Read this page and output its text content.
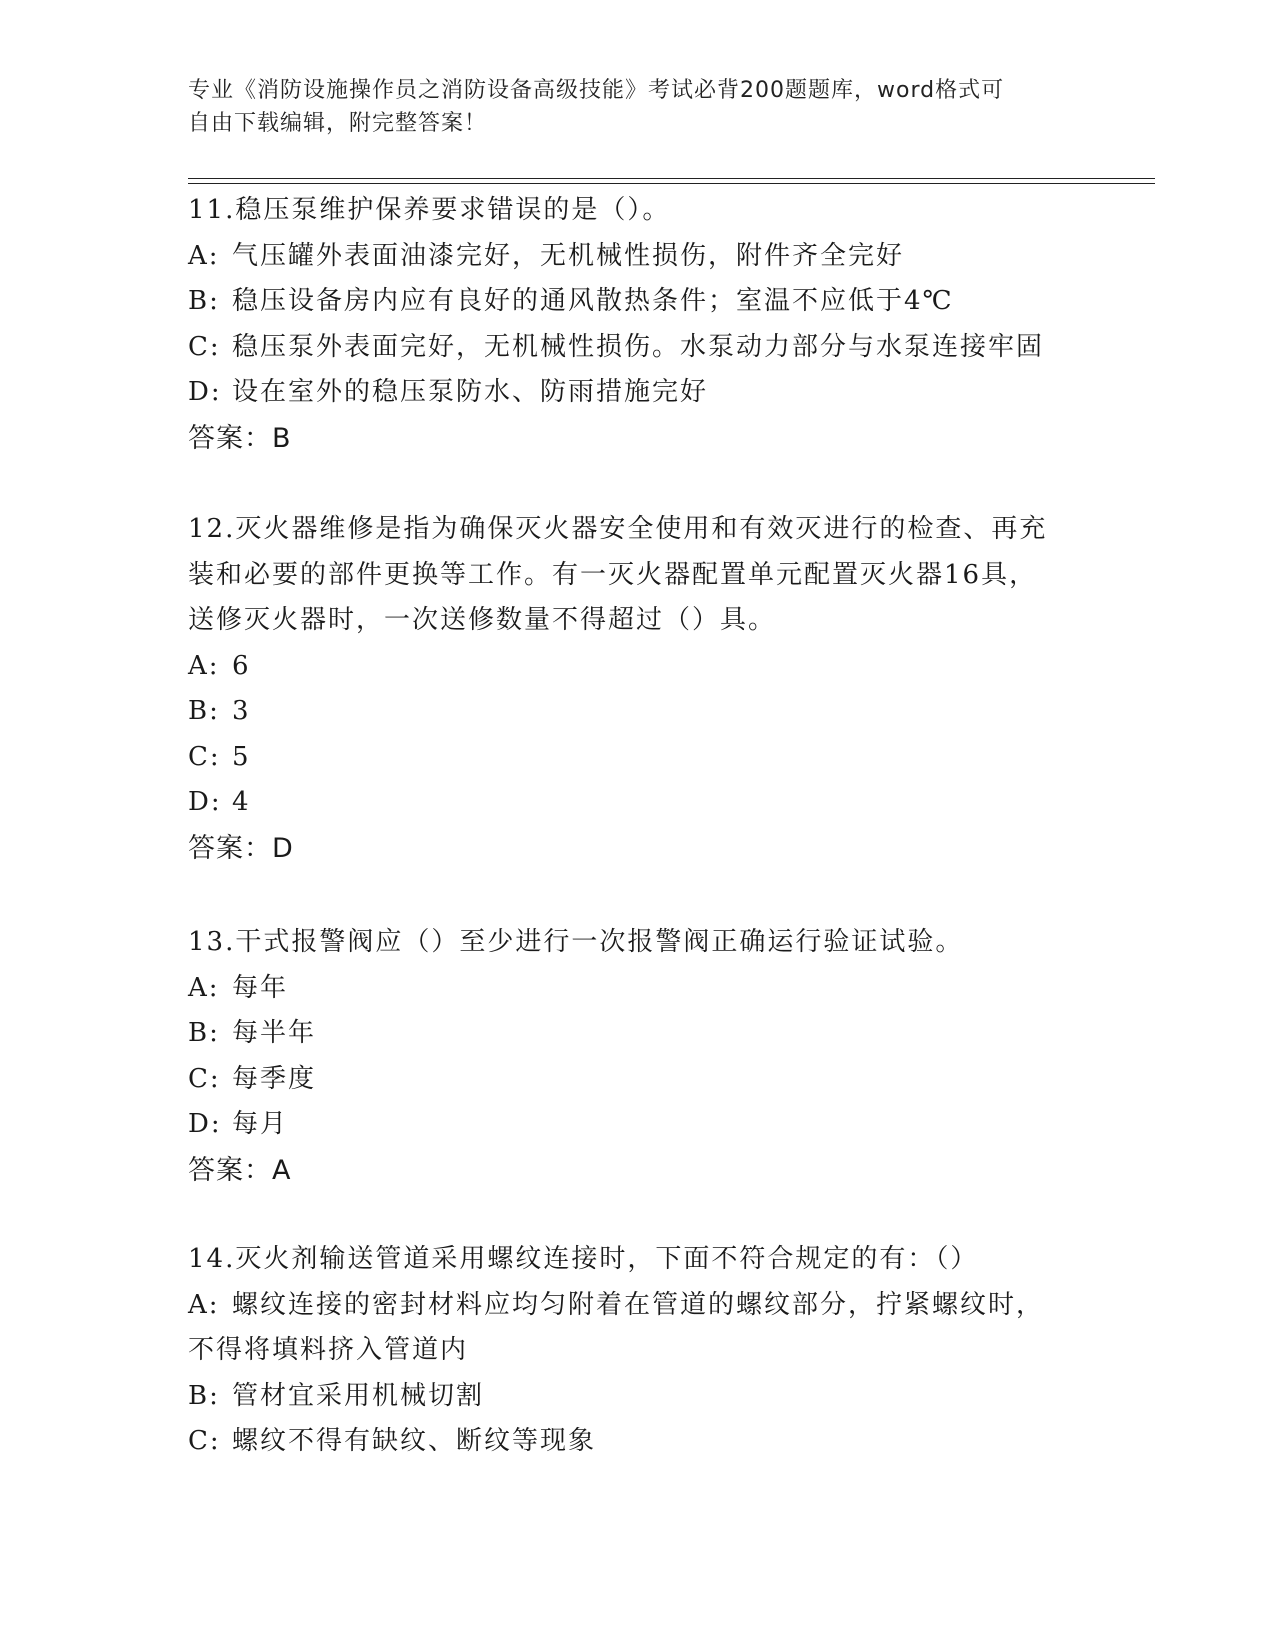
专业《消防设施操作员之消防设备高级技能》考试必背200题题库，word格式可
自由下载编辑，附完整答案！
11.稳压泵维护保养要求错误的是（）。
A: 气压罐外表面油漆完好，无机械性损伤，附件齐全完好
B: 稳压设备房内应有良好的通风散热条件；室温不应低于4℃
C: 稳压泵外表面完好，无机械性损伤。水泵动力部分与水泵连接牢固
D: 设在室外的稳压泵防水、防雨措施完好
答案：B
12.灭火器维修是指为确保灭火器安全使用和有效灭进行的检查、再充
装和必要的部件更换等工作。有一灭火器配置单元配置灭火器16具，
送修灭火器时，一次送修数量不得超过（）具。
A: 6
B: 3
C: 5
D: 4
答案：D
13.干式报警阀应（）至少进行一次报警阀正确运行验证试验。
A: 每年
B: 每半年
C: 每季度
D: 每月
答案：A
14.灭火剂输送管道采用螺纹连接时，下面不符合规定的有：（）
A: 螺纹连接的密封材料应均匀附着在管道的螺纹部分，拧紧螺纹时，
不得将填料挤入管道内
B: 管材宜采用机械切割
C: 螺纹不得有缺纹、断纹等现象
